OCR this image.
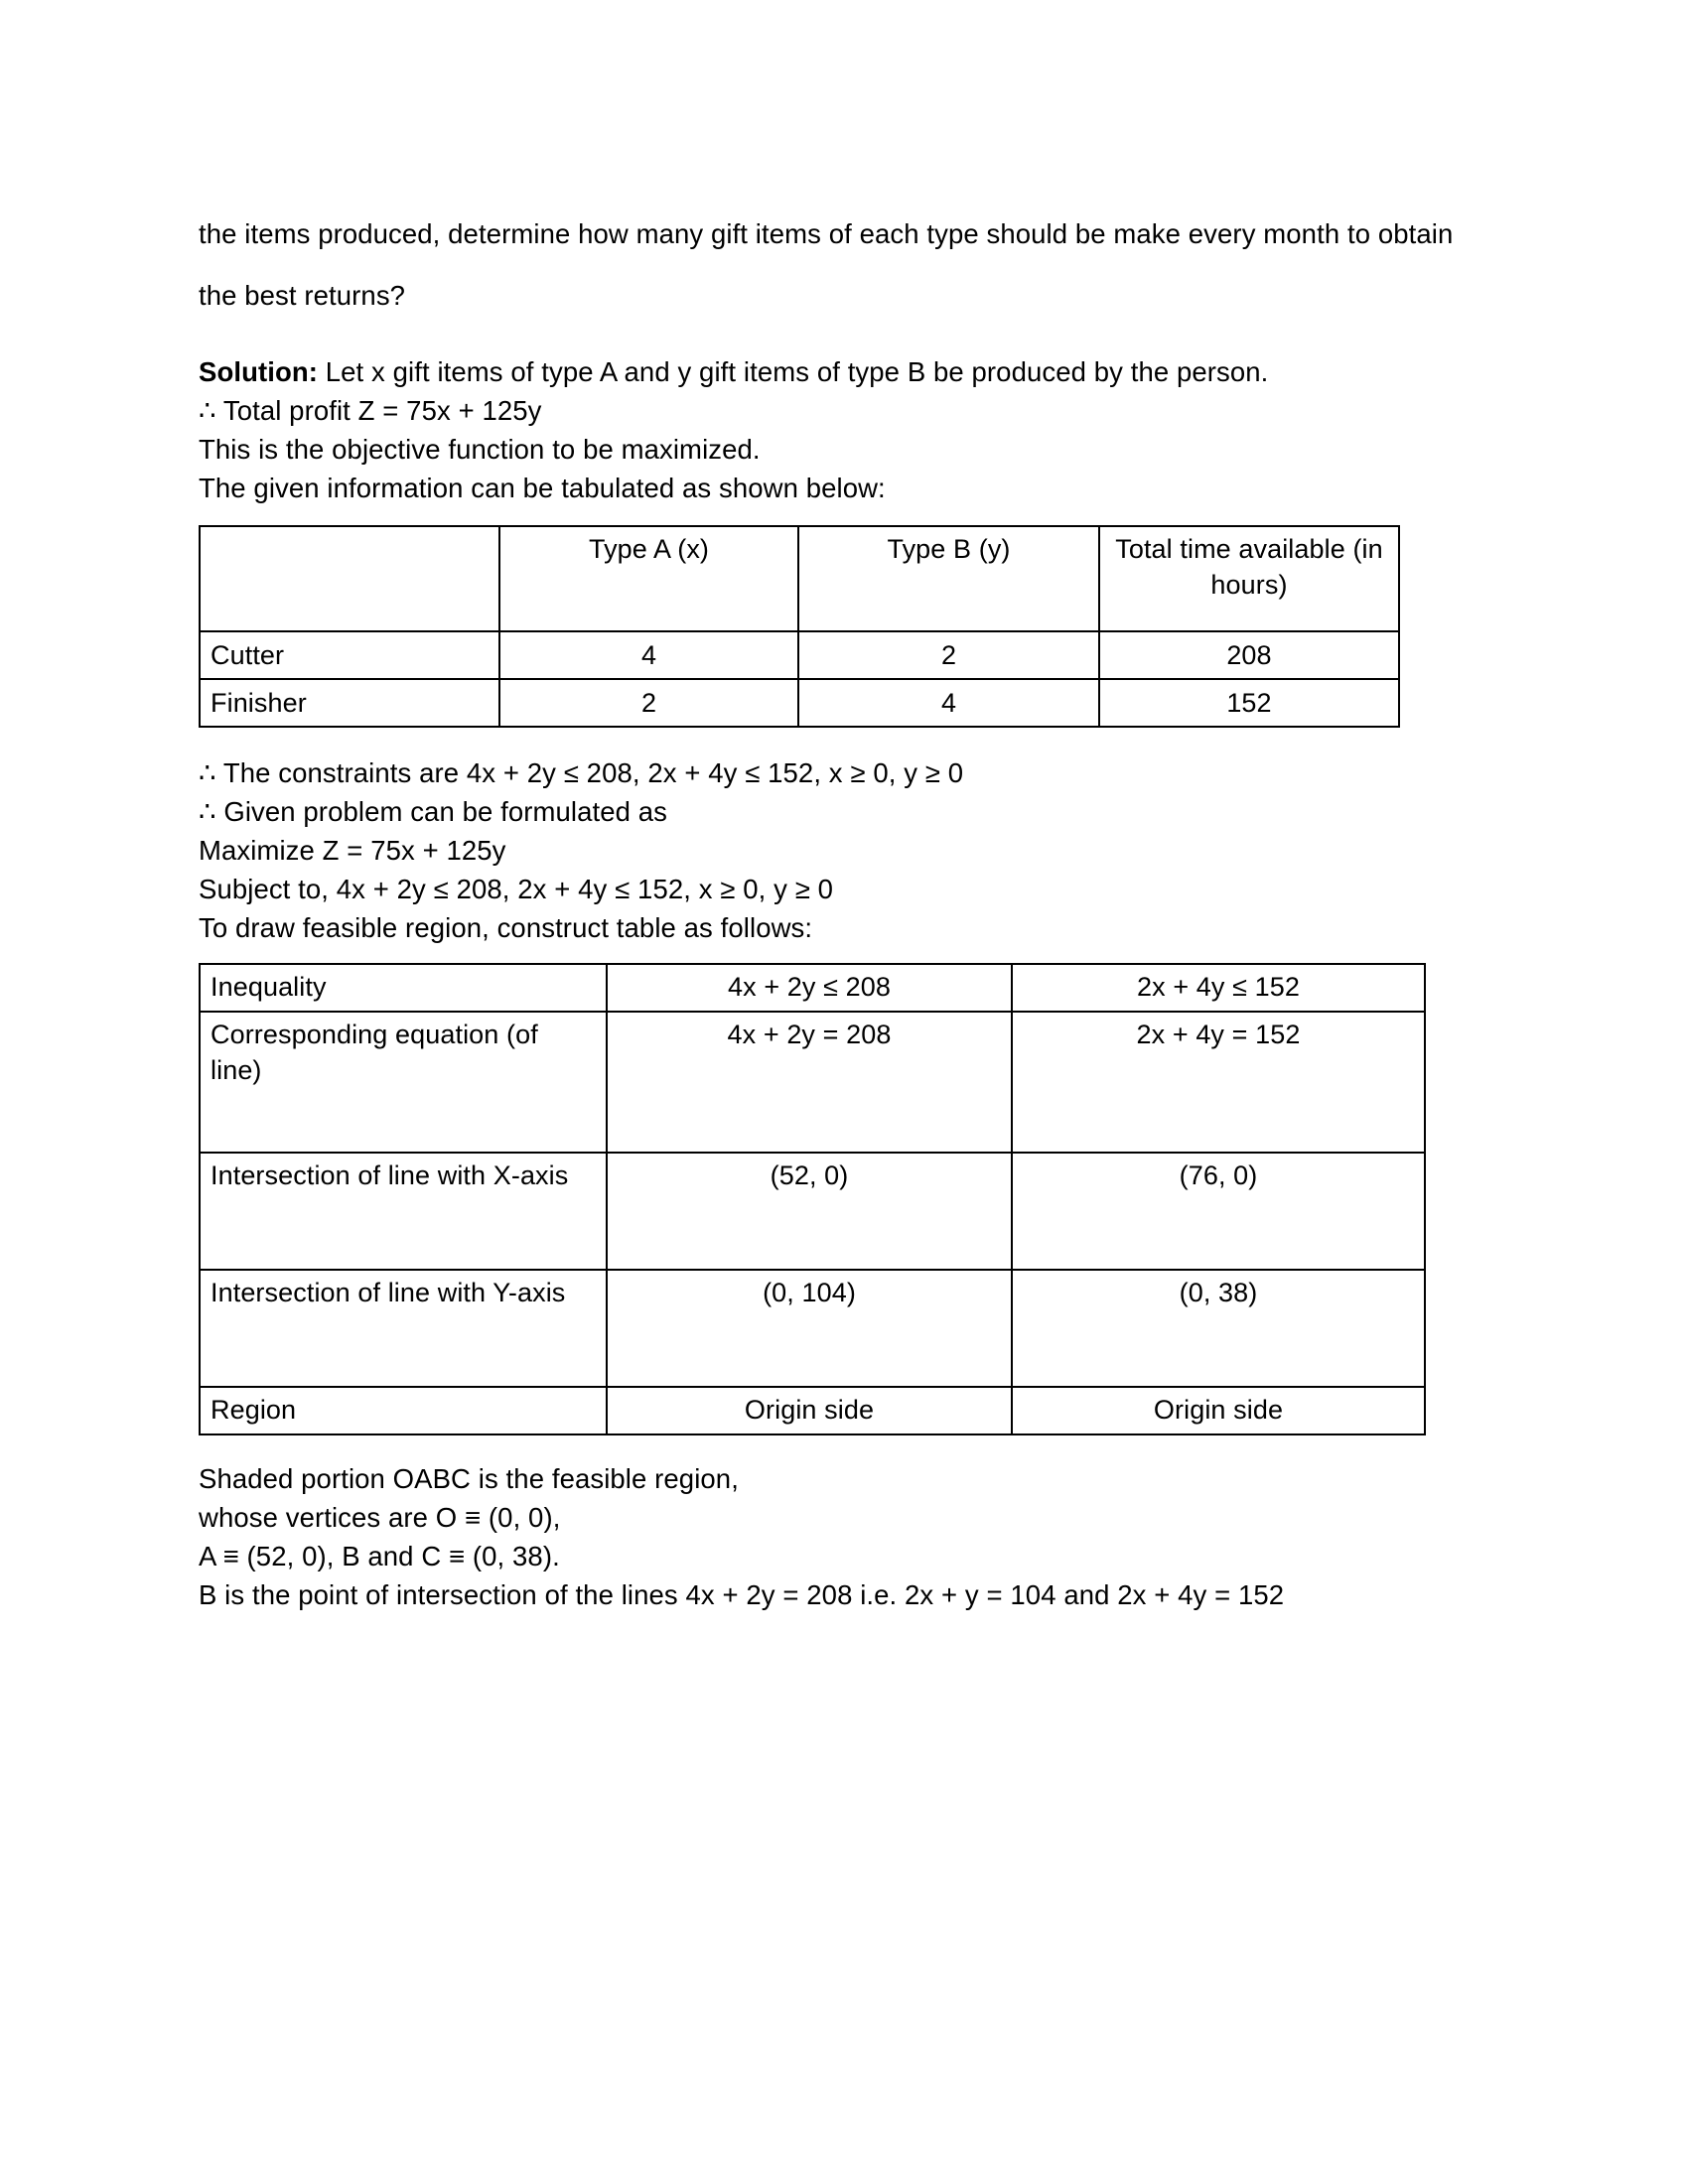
the items produced, determine how many gift items of each type should be make every month to obtain the best returns?

Solution: Let x gift items of type A and y gift items of type B be produced by the person.
∴ Total profit Z = 75x + 125y
This is the objective function to be maximized.
The given information can be tabulated as shown below:
	Type A (x)	Type B (y)	Total time available (in hours)
Cutter	4	2	208
Finisher	2	4	152
∴ The constraints are 4x + 2y ≤ 208, 2x + 4y ≤ 152, x ≥ 0, y ≥ 0
∴ Given problem can be formulated as
Maximize Z = 75x + 125y
Subject to, 4x + 2y ≤ 208, 2x + 4y ≤ 152, x ≥ 0, y ≥ 0
To draw feasible region, construct table as follows:
Inequality	4x + 2y ≤ 208	2x + 4y ≤ 152
Corresponding equation (of line)	4x + 2y = 208	2x + 4y = 152
Intersection of line with X-axis	(52, 0)	(76, 0)
Intersection of line with Y-axis	(0, 104)	(0, 38)
Region	Origin side	Origin side
Shaded portion OABC is the feasible region,
whose vertices are O ≡ (0, 0),
A ≡ (52, 0), B and C ≡ (0, 38).
B is the point of intersection of the lines 4x + 2y = 208 i.e. 2x + y = 104 and 2x + 4y = 152
